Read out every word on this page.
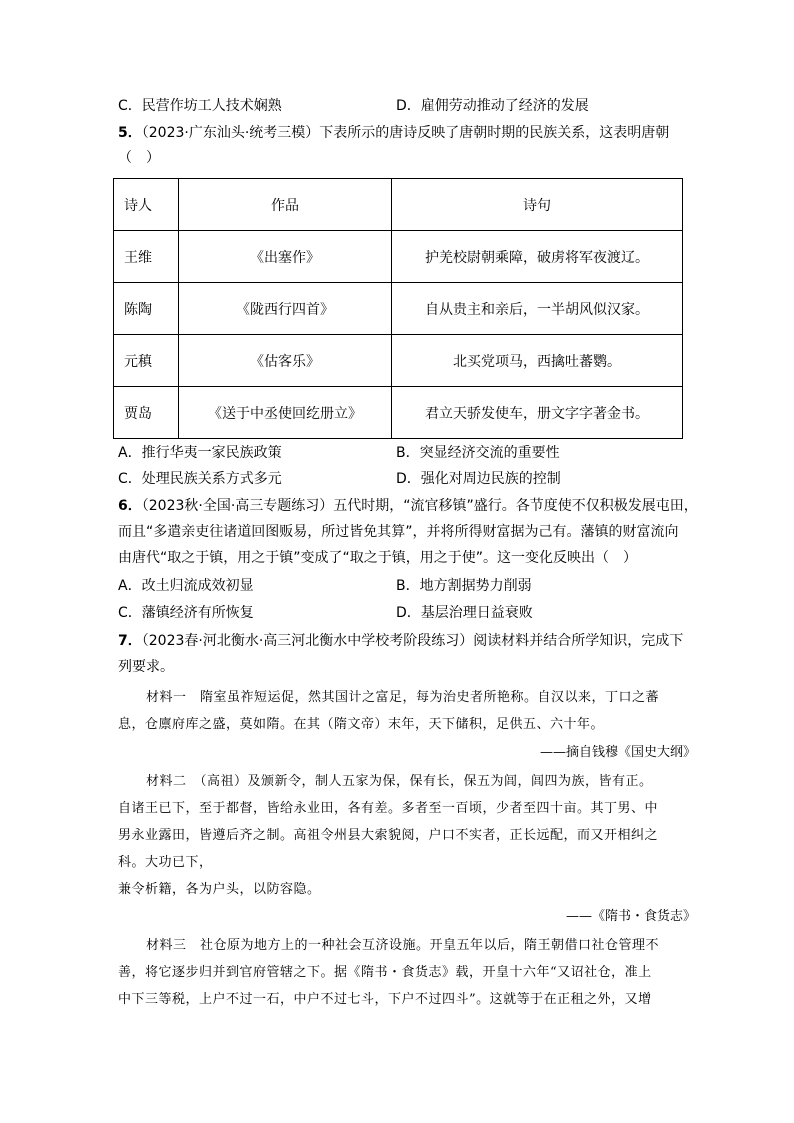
C．民营作坊工人技术娴熟	D．雇佣劳动推动了经济的发展
5．（2023·广东汕头·统考三模）下表所示的唐诗反映了唐朝时期的民族关系，这表明唐朝
（　）
诗人	作品	诗句
王维	《出塞作》	护羌校尉朝乘障，破虏将军夜渡辽。
陈陶	《陇西行四首》	自从贵主和亲后，一半胡风似汉家。
元稹	《估客乐》	北买党项马，西擒吐蕃鹦。
贾岛	《送于中丞使回纥册立》	君立天骄发使车，册文字字著金书。
A．推行华夷一家民族政策	B．突显经济交流的重要性
C．处理民族关系方式多元	D．强化对周边民族的控制
6．（2023秋·全国·高三专题练习）五代时期，“流官移镇”盛行。各节度使不仅积极发展屯田，
而且“多遣亲吏往诸道回图贩易，所过皆免其算”，并将所得财富据为己有。藩镇的财富流向
由唐代“取之于镇，用之于镇”变成了“取之于镇，用之于使”。这一变化反映出（　）
A．改土归流成效初显	B．地方割据势力削弱
C．藩镇经济有所恢复	D．基层治理日益衰败
7．（2023春·河北衡水·高三河北衡水中学校考阶段练习）阅读材料并结合所学知识，完成下
列要求。
材料一　隋室虽祚短运促，然其国计之富足，每为治史者所艳称。自汉以来，丁口之蕃
息，仓廪府库之盛，莫如隋。在其（隋文帝）末年，天下储积，足供五、六十年。
——摘自钱穆《国史大纲》
材料二　（高祖）及颁新令，制人五家为保，保有长，保五为闾，闾四为族，皆有正。
自诸王已下，至于都督，皆给永业田，各有差。多者至一百顷，少者至四十亩。其丁男、中
男永业露田，皆遵后齐之制。高祖令州县大索貌阅，户口不实者，正长远配，而又开相纠之
科。大功已下，
兼令析籍，各为户头，以防容隐。
——《隋书・食货志》
材料三　社仓原为地方上的一种社会互济设施。开皇五年以后，隋王朝借口社仓管理不
善，将它逐步归并到官府管辖之下。据《隋书・食货志》载，开皇十六年“又诏社仓，准上
中下三等税，上户不过一石，中户不过七斗，下户不过四斗”。这就等于在正租之外，又增
